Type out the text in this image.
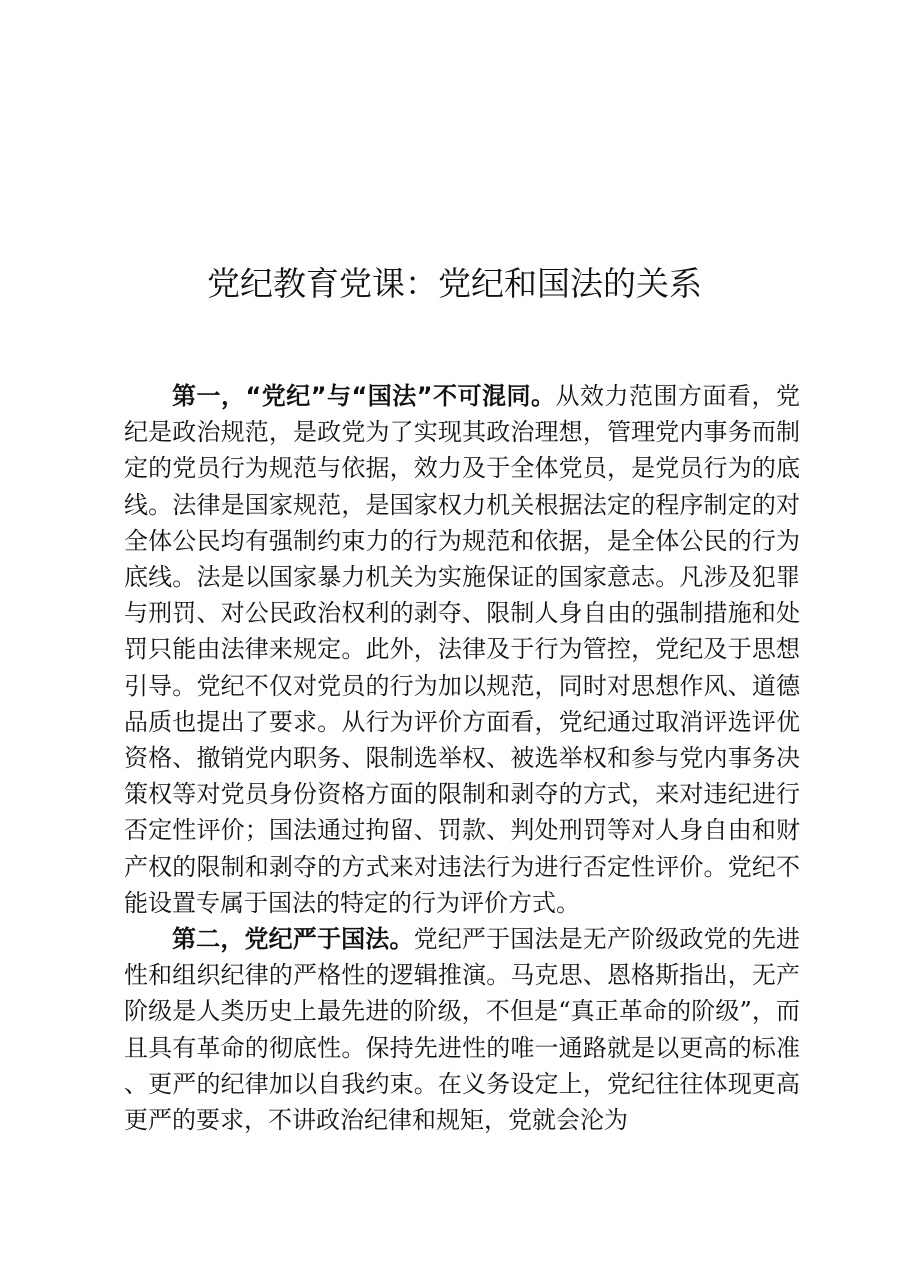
党纪教育党课：党纪和国法的关系

第一，“党纪”与“国法”不可混同。从效力范围方面看，党纪是政治规范，是政党为了实现其政治理想，管理党内事务而制定的党员行为规范与依据，效力及于全体党员，是党员行为的底线。法律是国家规范，是国家权力机关根据法定的程序制定的对全体公民均有强制约束力的行为规范和依据，是全体公民的行为底线。法是以国家暴力机关为实施保证的国家意志。凡涉及犯罪与刑罚、对公民政治权利的剥夺、限制人身自由的强制措施和处罚只能由法律来规定。此外，法律及于行为管控，党纪及于思想引导。党纪不仅对党员的行为加以规范，同时对思想作风、道德品质也提出了要求。从行为评价方面看，党纪通过取消评选评优资格、撤销党内职务、限制选举权、被选举权和参与党内事务决策权等对党员身份资格方面的限制和剥夺的方式，来对违纪进行否定性评价；国法通过拘留、罚款、判处刑罚等对人身自由和财产权的限制和剥夺的方式来对违法行为进行否定性评价。党纪不能设置专属于国法的特定的行为评价方式。

第二，党纪严于国法。党纪严于国法是无产阶级政党的先进性和组织纪律的严格性的逻辑推演。马克思、恩格斯指出，无产阶级是人类历史上最先进的阶级，不但是“真正革命的阶级”，而且具有革命的彻底性。保持先进性的唯一通路就是以更高的标准、更严的纪律加以自我约束。在义务设定上，党纪往往体现更高更严的要求，不讲政治纪律和规矩，党就会沦为
